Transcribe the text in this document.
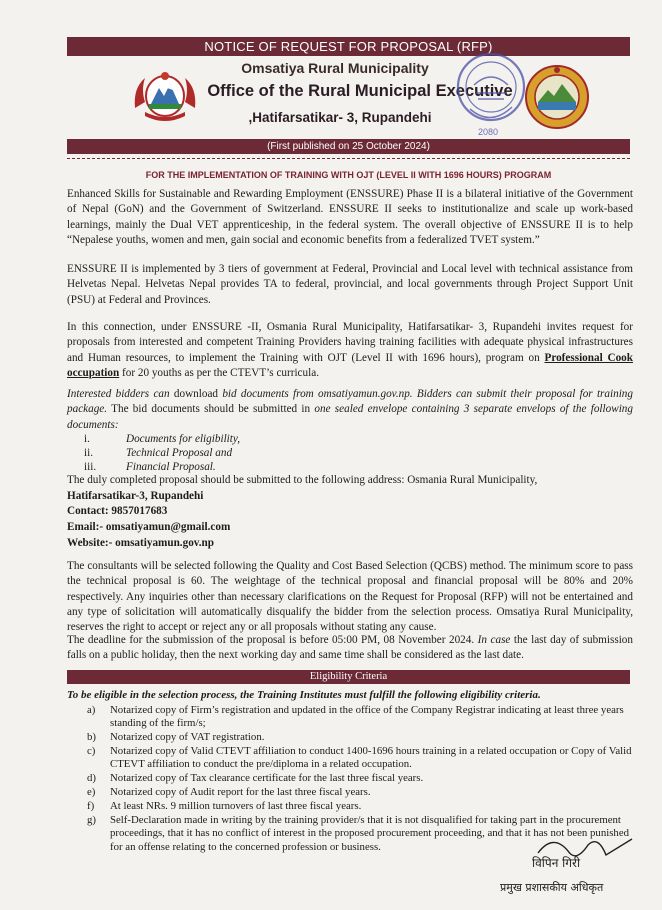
NOTICE OF REQUEST FOR PROPOSAL (RFP)
Omsatiya Rural Municipality
Office of the Rural Municipal Executive
,Hatifarsatikar- 3, Rupandehi
2080
(First published on 25 October 2024)
FOR THE IMPLEMENTATION OF TRAINING WITH OJT (LEVEL II WITH 1696 HOURS) PROGRAM
Enhanced Skills for Sustainable and Rewarding Employment (ENSSURE) Phase II is a bilateral initiative of the Government of Nepal (GoN) and the Government of Switzerland. ENSSURE II seeks to institutionalize and scale up work-based learnings, mainly the Dual VET apprenticeship, in the federal system. The overall objective of ENSSURE II is to help “Nepalese youths, women and men, gain social and economic benefits from a federalized TVET system.”
ENSSURE II is implemented by 3 tiers of government at Federal, Provincial and Local level with technical assistance from Helvetas Nepal. Helvetas Nepal provides TA to federal, provincial, and local governments through Project Support Unit (PSU) at Federal and Provinces.
In this connection, under ENSSURE -II, Osmania Rural Municipality, Hatifarsatikar- 3, Rupandehi invites request for proposals from interested and competent Training Providers having training facilities with adequate physical infrastructures and Human resources, to implement the Training with OJT (Level II with 1696 hours), program on Professional Cook occupation for 20 youths as per the CTEVT’s curricula.
Interested bidders can download bid documents from omsatiyamun.gov.np. Bidders can submit their proposal for training package. The bid documents should be submitted in one sealed envelope containing 3 separate envelops of the following documents:
i.	Documents for eligibility,
ii.	Technical Proposal and
iii.	Financial Proposal.
The duly completed proposal should be submitted to the following address: Osmania Rural Municipality,
Hatifarsatikar-3, Rupandehi
Contact: 9857017683
Email:- omsatiyamun@gmail.com
Website:- omsatiyamun.gov.np
The consultants will be selected following the Quality and Cost Based Selection (QCBS) method. The minimum score to pass the technical proposal is 60. The weightage of the technical proposal and financial proposal will be 80% and 20% respectively. Any inquiries other than necessary clarifications on the Request for Proposal (RFP) will not be entertained and any type of solicitation will automatically disqualify the bidder from the selection process. Omsatiya Rural Municipality, reserves the right to accept or reject any or all proposals without stating any cause.
The deadline for the submission of the proposal is before 05:00 PM, 08 November 2024. In case the last day of submission falls on a public holiday, then the next working day and same time shall be considered as the last date.
Eligibility Criteria
To be eligible in the selection process, the Training Institutes must fulfill the following eligibility criteria.
a) Notarized copy of Firm’s registration and updated in the office of the Company Registrar indicating at least three years standing of the firm/s;
b) Notarized copy of VAT registration.
c) Notarized copy of Valid CTEVT affiliation to conduct 1400-1696 hours training in a related occupation or Copy of Valid CTEVT affiliation to conduct the pre/diploma in a related occupation.
d) Notarized copy of Tax clearance certificate for the last three fiscal years.
e) Notarized copy of Audit report for the last three fiscal years.
f) At least NRs. 9 million turnovers of last three fiscal years.
g) Self-Declaration made in writing by the training provider/s that it is not disqualified for taking part in the procurement proceedings, that it has no conflict of interest in the proposed procurement proceeding, and that it has not been punished for an offense relating to the concerned profession or business.
विपिन गिरी
प्रमुख प्रशासकीय अधिकृत
